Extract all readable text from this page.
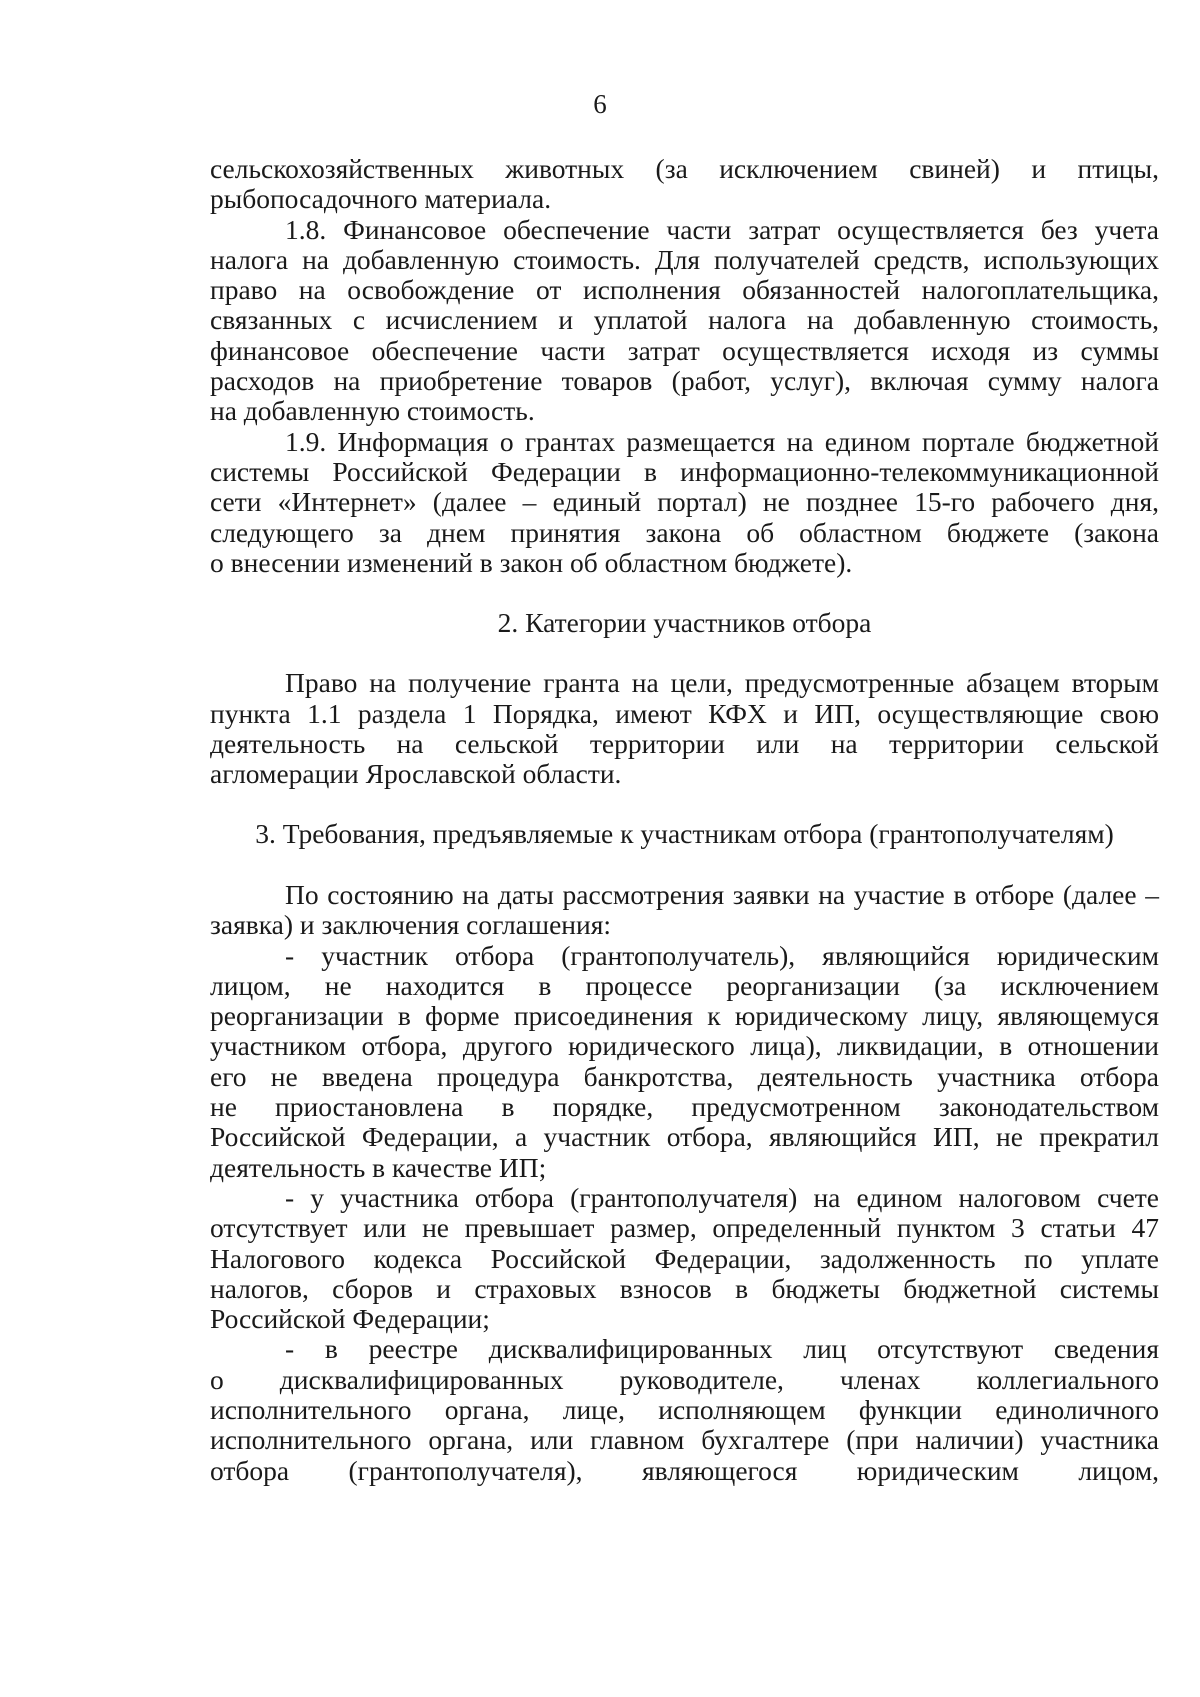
6
сельскохозяйственных животных (за исключением свиней) и птицы,
рыбопосадочного материала.
1.8. Финансовое обеспечение части затрат осуществляется без учета
налога на добавленную стоимость. Для получателей средств, использующих
право на освобождение от исполнения обязанностей налогоплательщика,
связанных с исчислением и уплатой налога на добавленную стоимость,
финансовое обеспечение части затрат осуществляется исходя из суммы
расходов на приобретение товаров (работ, услуг), включая сумму налога
на добавленную стоимость.
1.9. Информация о грантах размещается на едином портале бюджетной
системы Российской Федерации в информационно-телекоммуникационной
сети «Интернет» (далее – единый портал) не позднее 15-го рабочего дня,
следующего за днем принятия закона об областном бюджете (закона
о внесении изменений в закон об областном бюджете).
2. Категории участников отбора
Право на получение гранта на цели, предусмотренные абзацем вторым
пункта 1.1 раздела 1 Порядка, имеют КФХ и ИП, осуществляющие свою
деятельность на сельской территории или на территории сельской
агломерации Ярославской области.
3. Требования, предъявляемые к участникам отбора (грантополучателям)
По состоянию на даты рассмотрения заявки на участие в отборе (далее –
заявка) и заключения соглашения:
- участник отбора (грантополучатель), являющийся юридическим
лицом, не находится в процессе реорганизации (за исключением
реорганизации в форме присоединения к юридическому лицу, являющемуся
участником отбора, другого юридического лица), ликвидации, в отношении
его не введена процедура банкротства, деятельность участника отбора
не приостановлена в порядке, предусмотренном законодательством
Российской Федерации, а участник отбора, являющийся ИП, не прекратил
деятельность в качестве ИП;
- у участника отбора (грантополучателя) на едином налоговом счете
отсутствует или не превышает размер, определенный пунктом 3 статьи 47
Налогового кодекса Российской Федерации, задолженность по уплате
налогов, сборов и страховых взносов в бюджеты бюджетной системы
Российской Федерации;
- в реестре дисквалифицированных лиц отсутствуют сведения
о дисквалифицированных руководителе, членах коллегиального
исполнительного органа, лице, исполняющем функции единоличного
исполнительного органа, или главном бухгалтере (при наличии) участника
отбора (грантополучателя), являющегося юридическим лицом,
